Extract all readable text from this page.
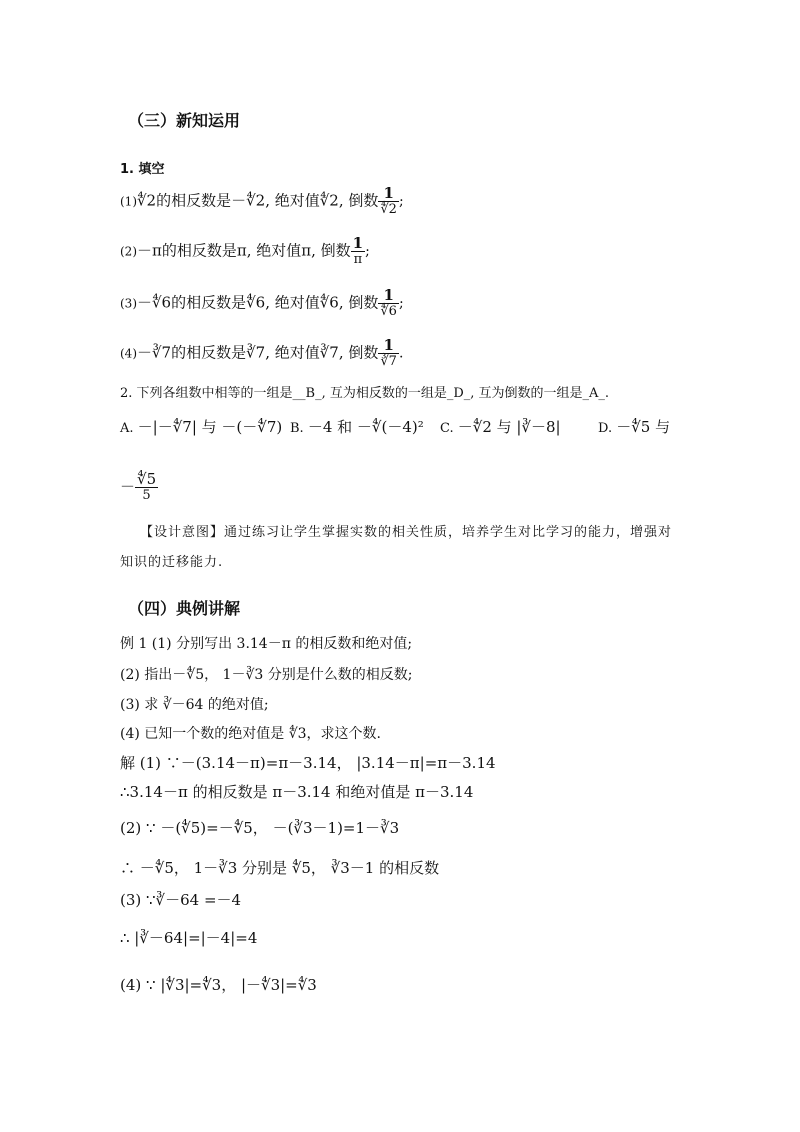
（三）新知运用
1. 填空
(1)∜2的相反数是－∜2, 绝对值∜2, 倒数 $\frac{1}{∜2}$ ;
(2)－π的相反数是π, 绝对值π, 倒数 $\frac{1}{\pi}$ ;
(3)－∜6的相反数是∜6, 绝对值∜6, 倒数 $\frac{1}{∜6}$ ;
(4)－∛7的相反数是∛7, 绝对值∛7, 倒数 $\frac{1}{∛7}$ .
2. 下列各组数中相等的一组是__B_, 互为相反数的一组是_D_, 互为倒数的一组是_A_.
A. －|－∜7| 与 －(－∜7) B. －4 和 －∜(－4)² C. －∜2 与 |∛－8|	D. －∜5 与
－ $\frac{∜5}{5}$
【设计意图】通过练习让学生掌握实数的相关性质，培养学生对比学习的能力，增强对知识的迁移能力.
（四）典例讲解
例 1 (1) 分别写出 3.14－π 的相反数和绝对值;
(2) 指出－∜5， 1－∛3 分别是什么数的相反数;
(3) 求 ∛－64 的绝对值;
(4) 已知一个数的绝对值是 ∜3，求这个数.
解 (1) ∵－(3.14－π)=π－3.14， |3.14－π|=π－3.14
∴3.14－π 的相反数是 π－3.14 和绝对值是 π－3.14
(2) ∵ －(∜5)=－∜5， －(∛3－1)=1－∛3
∴ －∜5， 1－∛3 分别是 ∜5， ∛3－1 的相反数
(3) ∵∛－64 =－4
∴ |∛－64|=|－4|=4
(4) ∵ |∜3|=∜3， |－∜3|=∜3
